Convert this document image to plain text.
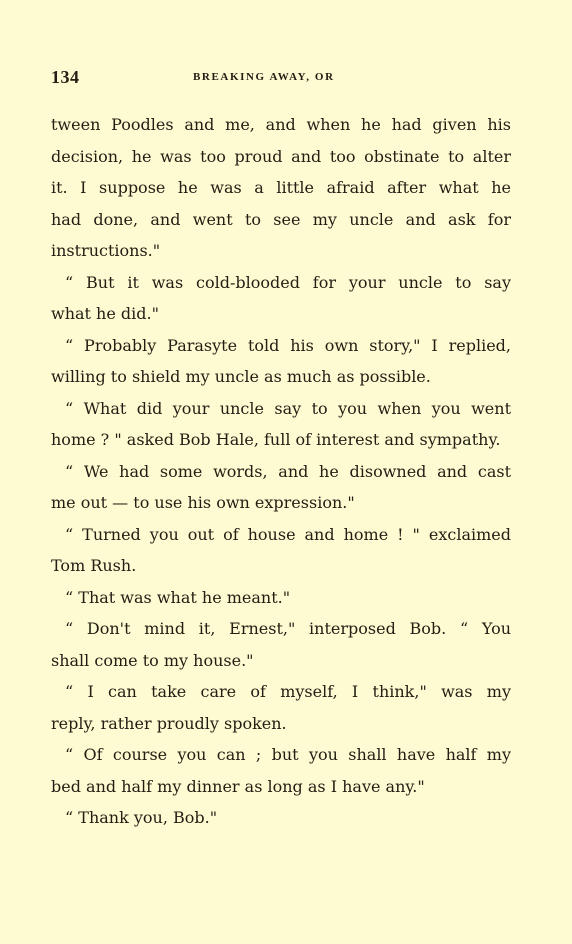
134	BREAKING AWAY, OR
tween Poodles and me, and when he had given his
decision, he was too proud and too obstinate to alter
it. I suppose he was a little afraid after what he
had done, and went to see my uncle and ask for
instructions."
“ But it was cold-blooded for your uncle to say
what he did."
“ Probably Parasyte told his own story," I replied,
willing to shield my uncle as much as possible.
“ What did your uncle say to you when you went
home ? " asked Bob Hale, full of interest and sympathy.
“ We had some words, and he disowned and cast
me out — to use his own expression."
“ Turned you out of house and home ! " exclaimed
Tom Rush.
“ That was what he meant."
“ Don't mind it, Ernest," interposed Bob. “ You
shall come to my house."
“ I can take care of myself, I think," was my
reply, rather proudly spoken.
“ Of course you can ; but you shall have half my
bed and half my dinner as long as I have any."
“ Thank you, Bob."
